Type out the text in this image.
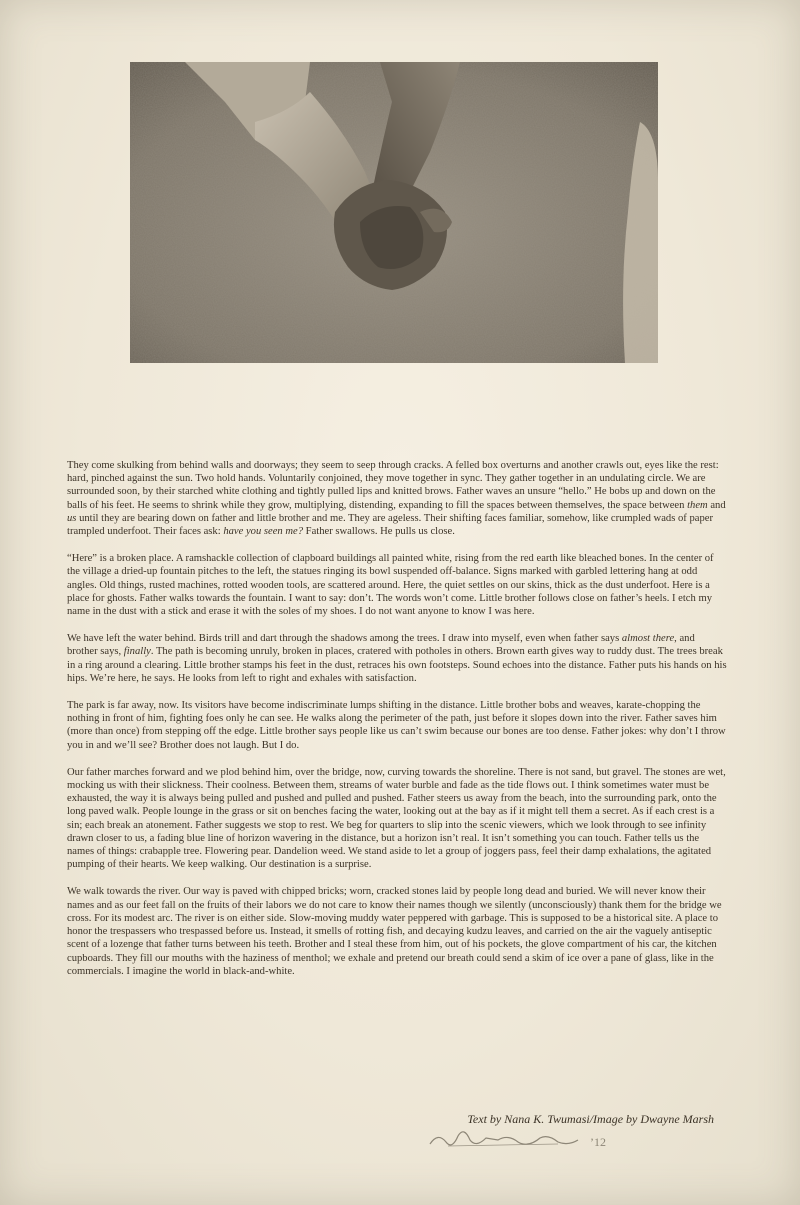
They come skulking from behind walls and doorways; they seem to seep through cracks. A felled box overturns and another crawls out, eyes like the rest: hard, pinched against the sun. Two hold hands. Voluntarily conjoined, they move together in sync. They gather together in an undulating circle. We are surrounded soon, by their starched white clothing and tightly pulled lips and knitted brows. Father waves an unsure “hello.” He bobs up and down on the balls of his feet. He seems to shrink while they grow, multiplying, distending, expanding to fill the spaces between themselves, the space between them and us until they are bearing down on father and little brother and me. They are ageless. Their shifting faces familiar, somehow, like crumpled wads of paper trampled underfoot. Their faces ask: have you seen me? Father swallows. He pulls us close.

“Here” is a broken place. A ramshackle collection of clapboard buildings all painted white, rising from the red earth like bleached bones. In the center of the village a dried-up fountain pitches to the left, the statues ringing its bowl suspended off-balance. Signs marked with garbled lettering hang at odd angles. Old things, rusted machines, rotted wooden tools, are scattered around. Here, the quiet settles on our skins, thick as the dust underfoot. Here is a place for ghosts. Father walks towards the fountain. I want to say: don’t. The words won’t come. Little brother follows close on father’s heels. I etch my name in the dust with a stick and erase it with the soles of my shoes. I do not want anyone to know I was here.

We have left the water behind. Birds trill and dart through the shadows among the trees. I draw into myself, even when father says almost there, and brother says, finally. The path is becoming unruly, broken in places, cratered with potholes in others. Brown earth gives way to ruddy dust. The trees break in a ring around a clearing. Little brother stamps his feet in the dust, retraces his own footsteps. Sound echoes into the distance. Father puts his hands on his hips. We’re here, he says. He looks from left to right and exhales with satisfaction.

The park is far away, now. Its visitors have become indiscriminate lumps shifting in the distance. Little brother bobs and weaves, karate-chopping the nothing in front of him, fighting foes only he can see. He walks along the perimeter of the path, just before it slopes down into the river. Father saves him (more than once) from stepping off the edge. Little brother says people like us can’t swim because our bones are too dense. Father jokes: why don’t I throw you in and we’ll see? Brother does not laugh. But I do.

Our father marches forward and we plod behind him, over the bridge, now, curving towards the shoreline. There is not sand, but gravel. The stones are wet, mocking us with their slickness. Their coolness. Between them, streams of water burble and fade as the tide flows out. I think sometimes water must be exhausted, the way it is always being pulled and pushed and pulled and pushed. Father steers us away from the beach, into the surrounding park, onto the long paved walk. People lounge in the grass or sit on benches facing the water, looking out at the bay as if it might tell them a secret. As if each crest is a sin; each break an atonement. Father suggests we stop to rest. We beg for quarters to slip into the scenic viewers, which we look through to see infinity drawn closer to us, a fading blue line of horizon wavering in the distance, but a horizon isn’t real. It isn’t something you can touch. Father tells us the names of things: crabapple tree. Flowering pear. Dandelion weed. We stand aside to let a group of joggers pass, feel their damp exhalations, the agitated pumping of their hearts. We keep walking. Our destination is a surprise.

We walk towards the river. Our way is paved with chipped bricks; worn, cracked stones laid by people long dead and buried. We will never know their names and as our feet fall on the fruits of their labors we do not care to know their names though we silently (unconsciously) thank them for the bridge we cross. For its modest arc. The river is on either side. Slow-moving muddy water peppered with garbage. This is supposed to be a historical site. A place to honor the trespassers who trespassed before us. Instead, it smells of rotting fish, and decaying kudzu leaves, and carried on the air the vaguely antiseptic scent of a lozenge that father turns between his teeth. Brother and I steal these from him, out of his pockets, the glove compartment of his car, the kitchen cupboards. They fill our mouths with the haziness of menthol; we exhale and pretend our breath could send a skim of ice over a pane of glass, like in the commercials. I imagine the world in black-and-white.

Text by Nana K. Twumasi/Image by Dwayne Marsh
’12
